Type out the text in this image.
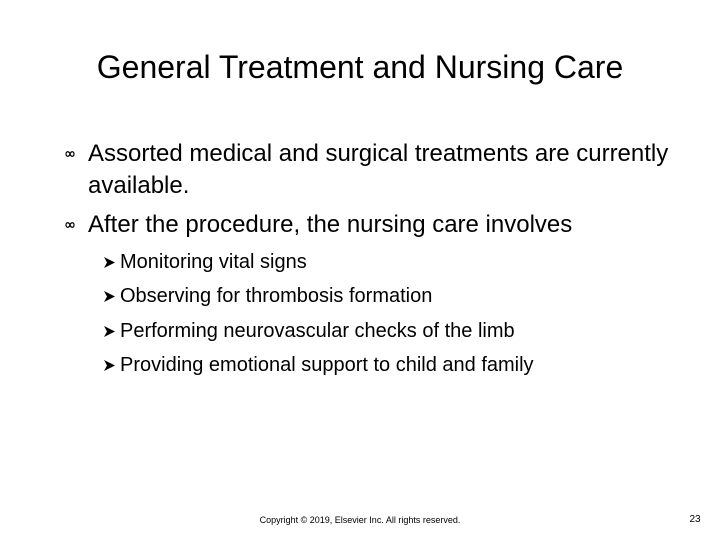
General Treatment and Nursing Care
Assorted medical and surgical treatments are currently available.
After the procedure, the nursing care involves
Monitoring vital signs
Observing for thrombosis formation
Performing neurovascular checks of the limb
Providing emotional support to child and family
Copyright © 2019, Elsevier Inc. All rights reserved.	23
